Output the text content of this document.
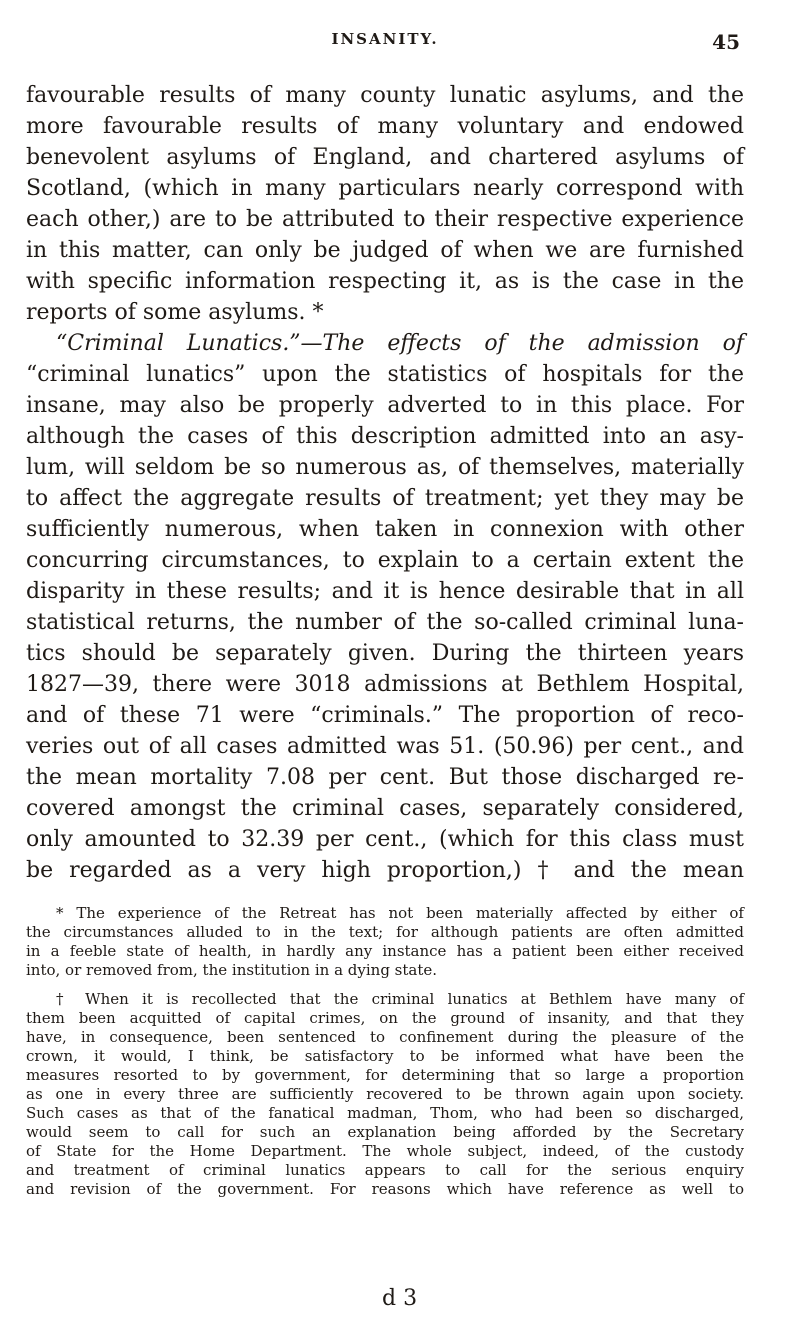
INSANITY.	45
favourable results of many county lunatic asylums, and the
more favourable results of many voluntary and endowed
benevolent asylums of England, and chartered asylums of
Scotland, (which in many particulars nearly correspond with
each other,) are to be attributed to their respective experience
in this matter, can only be judged of when we are furnished
with specific information respecting it, as is the case in the
reports of some asylums. *
“Criminal Lunatics.”—The effects of the admission of
“criminal lunatics” upon the statistics of hospitals for the
insane, may also be properly adverted to in this place. For
although the cases of this description admitted into an asy-
lum, will seldom be so numerous as, of themselves, materially
to affect the aggregate results of treatment; yet they may be
sufficiently numerous, when taken in connexion with other
concurring circumstances, to explain to a certain extent the
disparity in these results; and it is hence desirable that in all
statistical returns, the number of the so-called criminal luna-
tics should be separately given. During the thirteen years
1827—39, there were 3018 admissions at Bethlem Hospital,
and of these 71 were “criminals.” The proportion of reco-
veries out of all cases admitted was 51. (50.96) per cent., and
the mean mortality 7.08 per cent. But those discharged re-
covered amongst the criminal cases, separately considered,
only amounted to 32.39 per cent., (which for this class must
be regarded as a very high proportion,) † and the mean
* The experience of the Retreat has not been materially affected by either of
the circumstances alluded to in the text; for although patients are often admitted
in a feeble state of health, in hardly any instance has a patient been either received
into, or removed from, the institution in a dying state.
† When it is recollected that the criminal lunatics at Bethlem have many of
them been acquitted of capital crimes, on the ground of insanity, and that they
have, in consequence, been sentenced to confinement during the pleasure of the
crown, it would, I think, be satisfactory to be informed what have been the
measures resorted to by government, for determining that so large a proportion
as one in every three are sufficiently recovered to be thrown again upon society.
Such cases as that of the fanatical madman, Thom, who had been so discharged,
would seem to call for such an explanation being afforded by the Secretary
of State for the Home Department. The whole subject, indeed, of the custody
and treatment of criminal lunatics appears to call for the serious enquiry
and revision of the government. For reasons which have reference as well to
d 3
